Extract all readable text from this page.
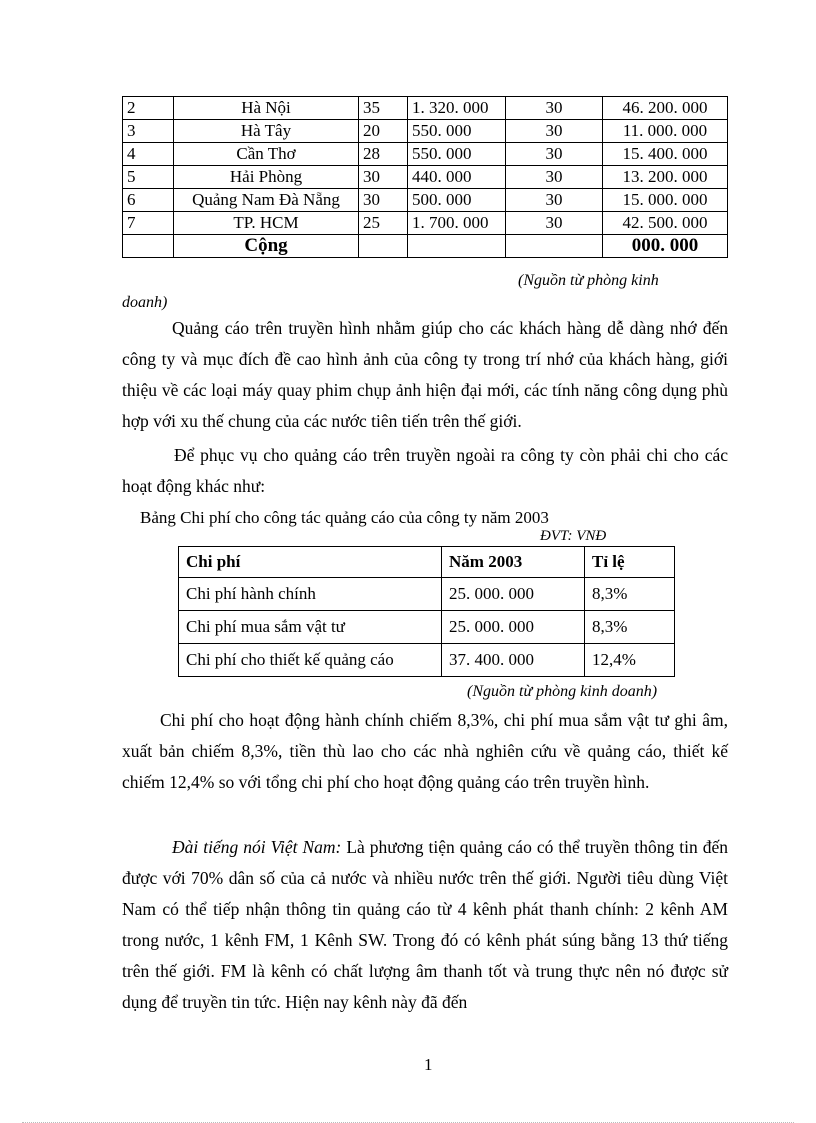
2	Hà Nội	35	1. 320. 000	30	46. 200. 000
3	Hà Tây	20	550. 000	30	11. 000. 000
4	Cần Thơ	28	550. 000	30	15. 400. 000
5	Hải Phòng	30	440. 000	30	13. 200. 000
6	Quảng Nam Đà Nẵng	30	500. 000	30	15. 000. 000
7	TP. HCM	25	1. 700. 000	30	42. 500. 000
	Cộng				000. 000
(Nguồn từ phòng kinh
doanh)

Quảng cáo trên truyền hình nhằm giúp cho các khách hàng dễ dàng nhớ đến công ty và mục đích đề cao hình ảnh của công ty trong trí nhớ của khách hàng, giới thiệu về các loại máy quay phim chụp ảnh hiện đại mới, các tính năng công dụng phù hợp với xu thế chung của các nước tiên tiến trên thế giới.

Để phục vụ cho quảng cáo trên truyền ngoài ra công ty còn phải chi cho các hoạt động khác như:

Bảng Chi phí cho công tác quảng cáo của công ty năm 2003
ĐVT: VNĐ
Chi phí	Năm 2003	Tỉ lệ
Chi phí hành chính	25. 000. 000	8,3%
Chi phí mua sắm vật tư	25. 000. 000	8,3%
Chi phí cho thiết kế quảng cáo	37. 400. 000	12,4%
(Nguồn từ phòng kinh doanh)

Chi phí cho hoạt động hành chính chiếm 8,3%, chi phí mua sắm vật tư ghi âm, xuất bản chiếm 8,3%, tiền thù lao cho các nhà nghiên cứu về quảng cáo, thiết kế chiếm 12,4% so với tổng chi phí cho hoạt động quảng cáo trên truyền hình.

Đài tiếng nói Việt Nam: Là phương tiện quảng cáo có thể truyền thông tin đến được với 70% dân số của cả nước và nhiều nước trên thế giới. Người tiêu dùng Việt Nam có thể tiếp nhận thông tin quảng cáo từ 4 kênh phát thanh chính: 2 kênh AM trong nước, 1 kênh FM, 1 Kênh SW. Trong đó có kênh phát súng bằng 13 thứ tiếng trên thế giới. FM là kênh có chất lượng âm thanh tốt và trung thực nên nó được sử dụng để truyền tin tức. Hiện nay kênh này đã đến

1
